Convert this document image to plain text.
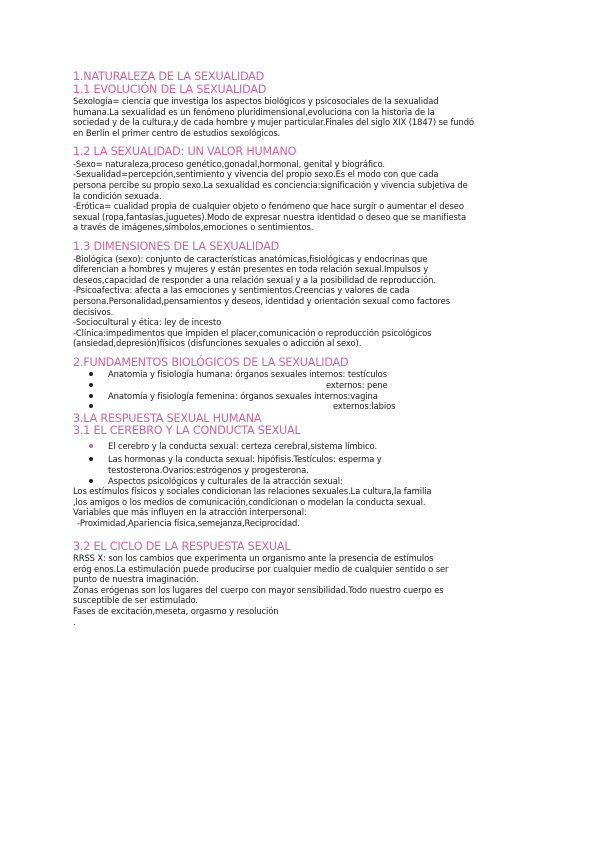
1.NATURALEZA DE LA SEXUALIDAD
1.1 EVOLUCIÓN DE LA SEXUALIDAD
Sexología= ciencia que investiga los aspectos biológicos y psicosociales de la sexualidad
humana.La sexualidad es un fenómeno pluridimensional,evoluciona con la historia de la
sociedad y de la cultura,y de cada hombre y mujer particular.Finales del siglo XIX (1847) se fundó
en Berlín el primer centro de estudios sexológicos.
1.2 LA SEXUALIDAD: UN VALOR HUMANO
-Sexo= naturaleza,proceso genético,gonadal,hormonal, genital y biográfico.
-Sexualidad=percepción,sentimiento y vivencia del propio sexo.Es el modo con que cada
persona percibe su propio sexo.La sexualidad es conciencia:significación y vivencia subjetiva de
la condición sexuada.
-Erótica= cualidad propia de cualquier objeto o fenómeno que hace surgir o aumentar el deseo
sexual (ropa,fantasías,juguetes).Modo de expresar nuestra identidad o deseo que se manifiesta
a través de imágenes,símbolos,emociones o sentimientos.
1.3 DIMENSIONES DE LA SEXUALIDAD
-Biológica (sexo): conjunto de características anatómicas,fisiológicas y endocrinas que
diferencian a hombres y mujeres y están presentes en toda relación sexual.Impulsos y
deseos,capacidad de responder a una relación sexual y a la posibilidad de reproducción.
-Psicoafectiva: afecta a las emociones y sentimientos.Creencias y valores de cada
persona.Personalidad,pensamientos y deseos, identidad y orientación sexual como factores
decisivos.
-Sociocultural y ética: ley de incesto
-Clínica:impedimentos que impiden el placer,comunicación o reproducción psicológicos
(ansiedad,depresión)físicos (disfunciones sexuales o adicción al sexo).
2.FUNDAMENTOS BIOLÓGICOS DE LA SEXUALIDAD
Anatomía y fisiología humana: órganos sexuales internos: testículos
externos: pene
Anatomía y fisiología femenina: órganos sexuales internos:vagina
externos:labios
3.LA RESPUESTA SEXUAL HUMANA
3.1 EL CEREBRO Y LA CONDUCTA SEXUAL
El cerebro y la conducta sexual: certeza cerebral,sistema límbico.
Las hormonas y la conducta sexual: hipófisis.Testículos: esperma y
testosterona.Ovarios:estrógenos y progesterona.
Aspectos psicológicos y culturales de la atracción sexual:
Los estímulos físicos y sociales condicionan las relaciones sexuales.La cultura,la familia
,los amigos o los medios de comunicación,condicionan o modelan la conducta sexual.
Variables que más influyen en la atracción interpersonal:
-Proximidad,Apariencia física,semejanza,Reciprocidad.
3.2 EL CICLO DE LA RESPUESTA SEXUAL
RRSS X: son los cambios que experimenta un organismo ante la presencia de estímulos
eróg enos.La estimulación puede producirse por cualquier medio de cualquier sentido o ser
punto de nuestra imaginación.
Zonas erógenas son los lugares del cuerpo con mayor sensibilidad.Todo nuestro cuerpo es
susceptible de ser estimulado.
Fases de excitación,meseta, orgasmo y resolución
.
